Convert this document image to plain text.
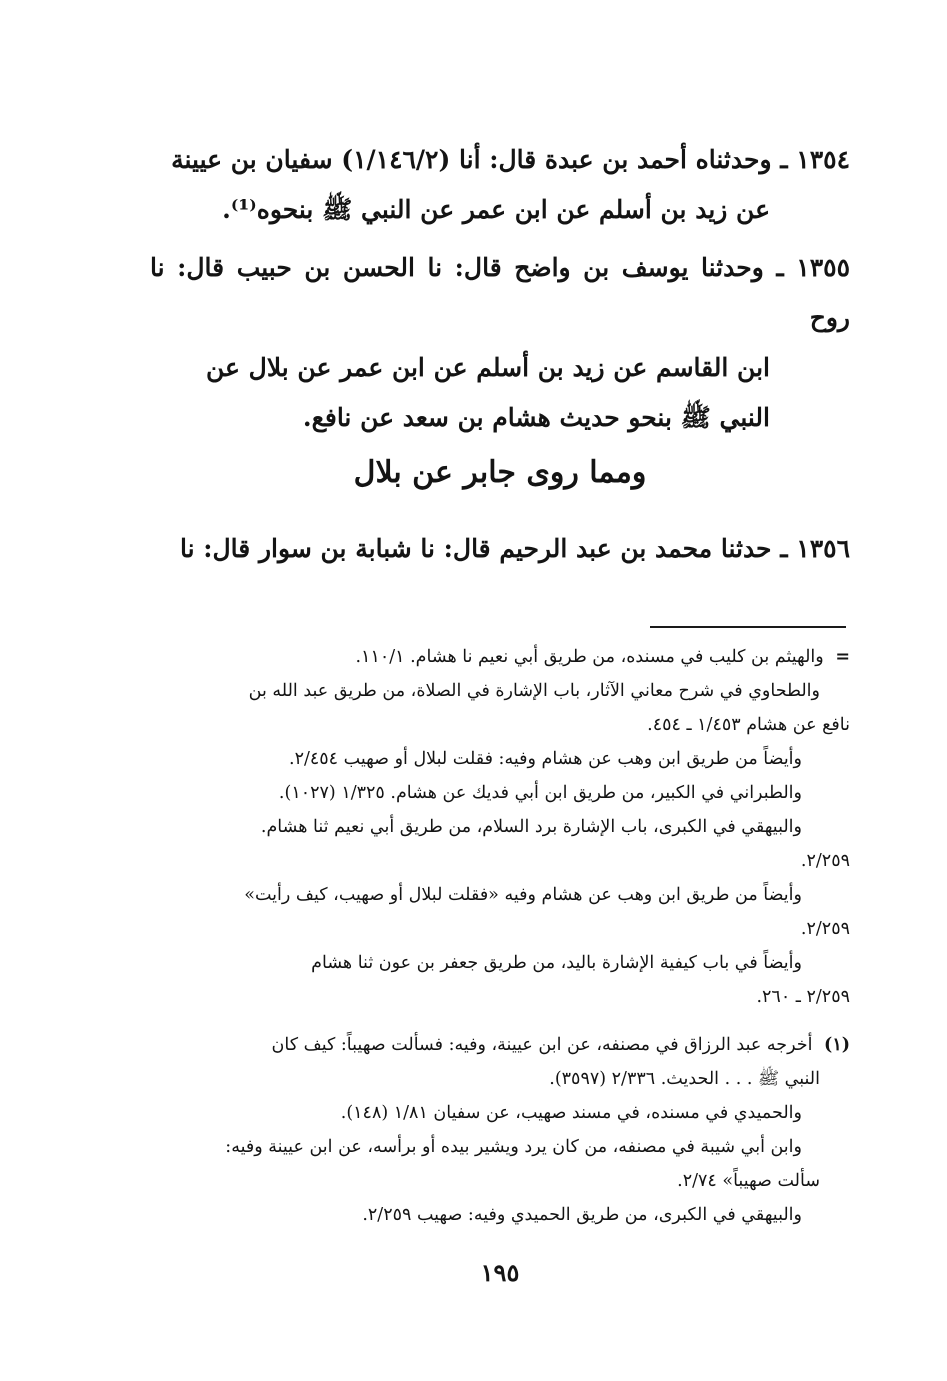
١٣٥٤ ـ وحدثناه أحمد بن عبدة قال: أنا (١/١٤٦/٢) سفيان بن عيينة
عن زيد بن أسلم عن ابن عمر عن النبي ﷺ بنحوه⁽¹⁾.
١٣٥٥ ـ وحدثنا يوسف بن واضح قال: نا الحسن بن حبيب قال: نا روح
ابن القاسم عن زيد بن أسلم عن ابن عمر عن بلال عن
النبي ﷺ بنحو حديث هشام بن سعد عن نافع.
ومما روى جابر عن بلال
١٣٥٦ ـ حدثنا محمد بن عبد الرحيم قال: نا شبابة بن سوار قال: نا
= والهيثم بن كليب في مسنده، من طريق أبي نعيم نا هشام. ١١٠/١.
والطحاوي في شرح معاني الآثار، باب الإشارة في الصلاة، من طريق عبد الله بن
نافع عن هشام ١/٤٥٣ ـ ٤٥٤.
وأيضاً من طريق ابن وهب عن هشام وفيه: فقلت لبلال أو صهيب ٢/٤٥٤.
والطبراني في الكبير، من طريق ابن أبي فديك عن هشام. ١/٣٢٥ (١٠٢٧).
والبيهقي في الكبرى، باب الإشارة برد السلام، من طريق أبي نعيم ثنا هشام.
٢/٢٥٩.
وأيضاً من طريق ابن وهب عن هشام وفيه «فقلت لبلال أو صهيب، كيف رأيت»
٢/٢٥٩.
وأيضاً في باب كيفية الإشارة باليد، من طريق جعفر بن عون ثنا هشام
٢/٢٥٩ ـ ٢٦٠.
(١) أخرجه عبد الرزاق في مصنفه، عن ابن عيينة، وفيه: فسألت صهيباً: كيف كان
النبي ﷺ . . . الحديث. ٢/٣٣٦ (٣٥٩٧).
والحميدي في مسنده، في مسند صهيب، عن سفيان ١/٨١ (١٤٨).
وابن أبي شيبة في مصنفه، من كان يرد ويشير بيده أو برأسه، عن ابن عيينة وفيه:
سألت صهيباً» ٢/٧٤.
والبيهقي في الكبرى، من طريق الحميدي وفيه: صهيب ٢/٢٥٩.
١٩٥
